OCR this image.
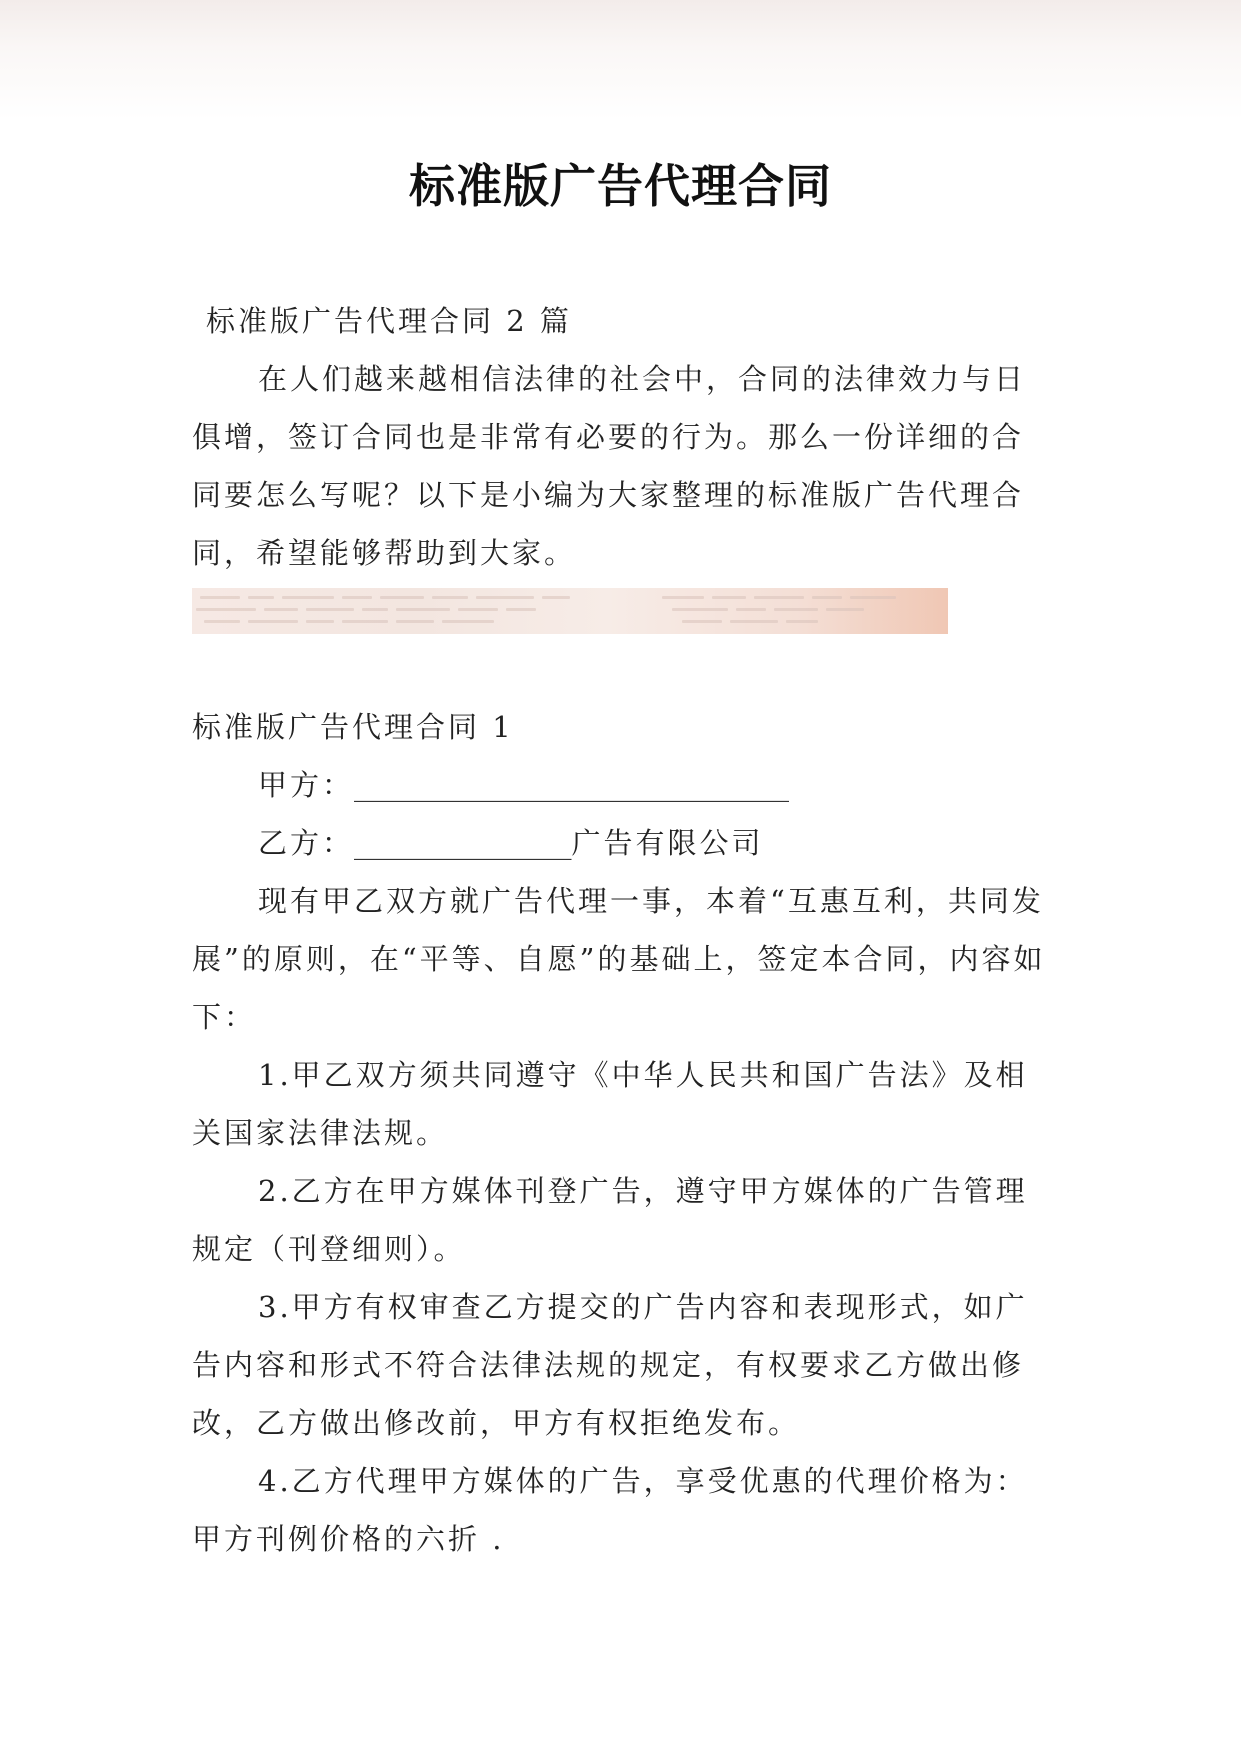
标准版广告代理合同

标准版广告代理合同 2 篇

在人们越来越相信法律的社会中，合同的法律效力与日俱增，签订合同也是非常有必要的行为。那么一份详细的合同要怎么写呢？以下是小编为大家整理的标准版广告代理合同，希望能够帮助到大家。

标准版广告代理合同 1

甲方：______________________________

乙方：_______________广告有限公司

现有甲乙双方就广告代理一事，本着“互惠互利，共同发展”的原则，在“平等、自愿”的基础上，签定本合同，内容如下：

1.甲乙双方须共同遵守《中华人民共和国广告法》及相关国家法律法规。

2.乙方在甲方媒体刊登广告，遵守甲方媒体的广告管理规定（刊登细则）。

3.甲方有权审查乙方提交的广告内容和表现形式，如广告内容和形式不符合法律法规的规定，有权要求乙方做出修改，乙方做出修改前，甲方有权拒绝发布。

4.乙方代理甲方媒体的广告，享受优惠的代理价格为：甲方刊例价格的六折 .
